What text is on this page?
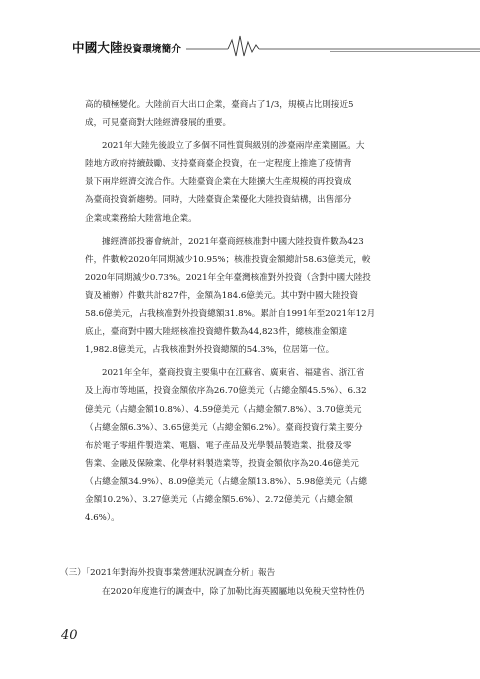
中國大陸投資環境簡介
高的積極變化。大陸前百大出口企業，臺商占了1/3，規模占比則接近5
成，可見臺商對大陸經濟發展的重要。
2021年大陸先後設立了多個不同性質與級別的涉臺兩岸產業園區。大
陸地方政府持續鼓勵、支持臺商臺企投資，在一定程度上推進了疫情背
景下兩岸經濟交流合作。大陸臺資企業在大陸擴大生產規模的再投資成
為臺商投資新趨勢。同時，大陸臺資企業優化大陸投資結構，出售部分
企業或業務給大陸當地企業。
據經濟部投審會統計，2021年臺商經核准對中國大陸投資件數為423
件，件數較2020年同期減少10.95%；核准投資金額總計58.63億美元，較
2020年同期減少0.73%。2021年全年臺灣核准對外投資（含對中國大陸投
資及補辦）件數共計827件，金額為184.6億美元。其中對中國大陸投資
58.6億美元，占我核准對外投資總額31.8%。累計自1991年至2021年12月
底止，臺商對中國大陸經核准投資總件數為44,823件，總核准金額達
1,982.8億美元，占我核准對外投資總額的54.3%，位居第一位。
2021年全年，臺商投資主要集中在江蘇省、廣東省、福建省、浙江省
及上海市等地區，投資金額依序為26.70億美元（占總金額45.5%）、6.32
億美元（占總金額10.8%）、4.59億美元（占總金額7.8%）、3.70億美元
（占總金額6.3%）、3.65億美元（占總金額6.2%）。臺商投資行業主要分
布於電子零組件製造業、電腦、電子產品及光學製品製造業、批發及零
售業、金融及保險業、化學材料製造業等，投資金額依序為20.46億美元
（占總金額34.9%）、8.09億美元（占總金額13.8%）、5.98億美元（占總
金額10.2%）、3.27億美元（占總金額5.6%）、2.72億美元（占總金額
4.6%）。
（三）「2021年對海外投資事業營運狀況調查分析」報告
在2020年度進行的調查中，除了加勒比海英國屬地以免稅天堂特性仍
40
